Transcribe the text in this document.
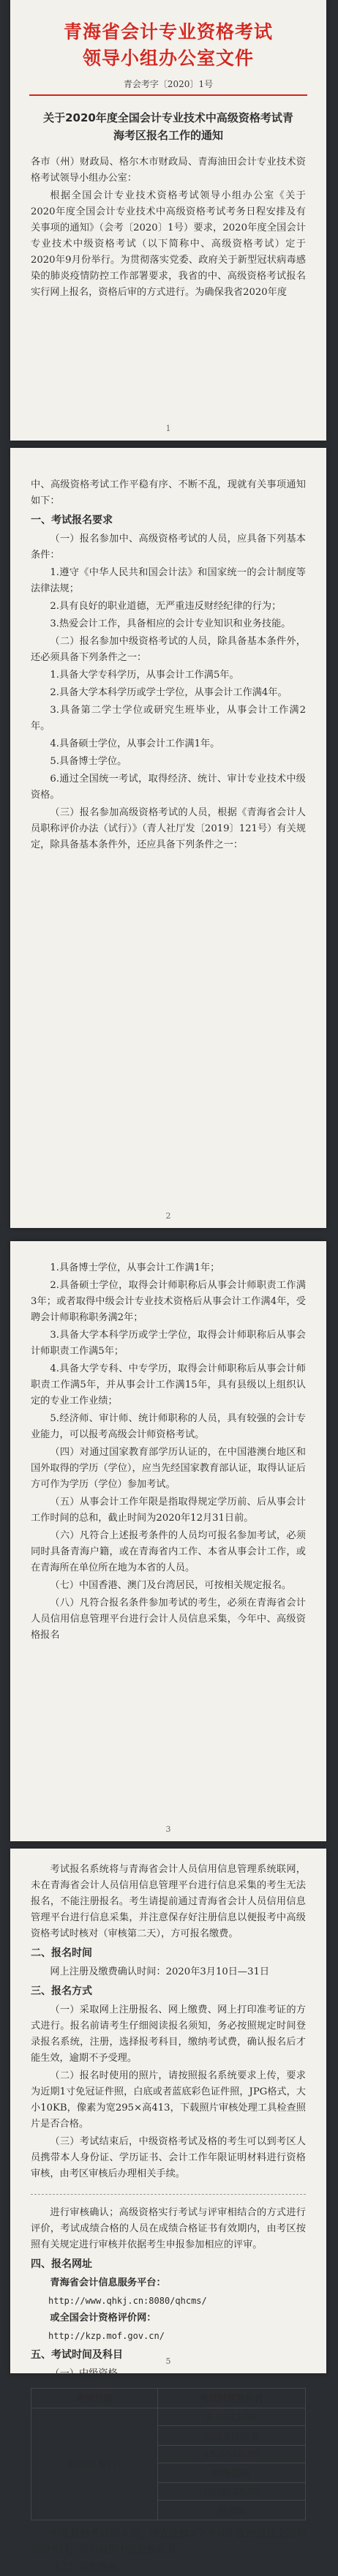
青海省会计专业资格考试
领导小组办公室文件
青会考字〔2020〕1号
关于2020年度全国会计专业技术中高级资格考试青海考区报名工作的通知

各市（州）财政局、格尔木市财政局、青海油田会计专业技术资格考试领导小组办公室：

根据全国会计专业技术资格考试领导小组办公室《关于2020年度全国会计专业技术中高级资格考试考务日程安排及有关事项的通知》（会考〔2020〕1号）要求，2020年度全国会计专业技术中级资格考试（以下简称中、高级资格考试）定于2020年9月份举行。为贯彻落实党委、政府关于新型冠状病毒感染的肺炎疫情防控工作部署要求，我省的中、高级资格考试报名实行网上报名，资格后审的方式进行。为确保我省2020年度

1

中、高级资格考试工作平稳有序、不断不乱，现就有关事项通知如下：

一、考试报名要求

（一）报名参加中、高级资格考试的人员，应具备下列基本条件：

1.遵守《中华人民共和国会计法》和国家统一的会计制度等法律法规；

2.具有良好的职业道德，无严重违反财经纪律的行为；

3.热爱会计工作，具备相应的会计专业知识和业务技能。

（二）报名参加中级资格考试的人员，除具备基本条件外，还必须具备下列条件之一：

1.具备大学专科学历，从事会计工作满5年。

2.具备大学本科学历或学士学位，从事会计工作满4年。

3.具备第二学士学位或研究生班毕业，从事会计工作满2年。

4.具备硕士学位，从事会计工作满1年。

5.具备博士学位。

6.通过全国统一考试，取得经济、统计、审计专业技术中级资格。

（三）报名参加高级资格考试的人员，根据《青海省会计人员职称评价办法（试行）》（青人社厅发〔2019〕121号）有关规定，除具备基本条件外，还应具备下列条件之一：

2

1.具备博士学位，从事会计工作满1年；

2.具备硕士学位，取得会计师职称后从事会计师职责工作满3年；或者取得中级会计专业技术资格后从事会计工作满4年，受聘会计师职称职务满2年；

3.具备大学本科学历或学士学位，取得会计师职称后从事会计师职责工作满5年；

4.具备大学专科、中专学历，取得会计师职称后从事会计师职责工作满5年，并从事会计工作满15年，具有县级以上组织认定的专业工作业绩；

5.经济师、审计师、统计师职称的人员，具有较强的会计专业能力，可以报考高级会计师资格考试。

（四）对通过国家教育部学历认证的，在中国港澳台地区和国外取得的学历（学位），应当先经国家教育部认证，取得认证后方可作为学历（学位）参加考试。

（五）从事会计工作年限是指取得规定学历前、后从事会计工作时间的总和，截止时间为2020年12月31日前。

（六）凡符合上述报考条件的人员均可报名参加考试，必须同时具备青海户籍，或在青海省内工作、本省从事会计工作，或在青海所在单位所在地为本省的人员。

（七）中国香港、澳门及台湾居民，可按相关规定报名。

（八）凡符合报名条件参加考试的考生，必须在青海省会计人员信用信息管理平台进行会计人员信息采集，今年中、高级资格报名

3

考试报名系统将与青海省会计人员信用信息管理系统联网，未在青海省会计人员信用信息管理平台进行信息采集的考生无法报名，不能注册报名。考生请提前通过青海省会计人员信用信息管理平台进行信息采集，并注意保存好注册信息以便报考中高级资格考试时核对（审核第二天），方可报名缴费。

二、报名时间

网上注册及缴费确认时间：2020年3月10日—31日

三、报名方式

（一）采取网上注册报名、网上缴费、网上打印准考证的方式进行。报名前请考生仔细阅读报名须知，务必按照规定时间登录报名系统，注册，选择报考科目，缴纳考试费，确认报名后才能生效，逾期不予受理。

（二）报名时使用的照片，请按照报名系统要求上传，要求为近期1寸免冠证件照，白底或者蓝底彩色证件照，JPG格式，大小10KB，像素为宽295×高413，下载照片审核处理工具检查照片是否合格。

（三）考试结束后，中级资格考试及格的考生可以到考区人员携带本人身份证、学历证书、会计工作年限证明材料进行资格审核，由考区审核后办理相关手续。

进行审核确认；高级资格实行考试与评审相结合的方式进行评价，考试成绩合格的人员在成绩合格证书有效期内，由考区按照有关规定进行审核并依据考生申报参加相应的评审。

四、报名网址

青海省会计信息服务平台：

http://www.qhkj.cn:8080/qhcms/

或全国会计资格评价网：

http://kzp.mof.gov.cn/

五、考试时间及科目

（一）中级资格

考试日期	考试时间及科目
9月5日至7日	8:30-11:30
	中级会计实务
	13:30-16:00
	财务管理
	18:00-20:30
	经济法

中级资格考试的人员，应在连续2个考试年度内通过全部科目的考试，方可取得中级资格证书。

（二）高级资格

5
